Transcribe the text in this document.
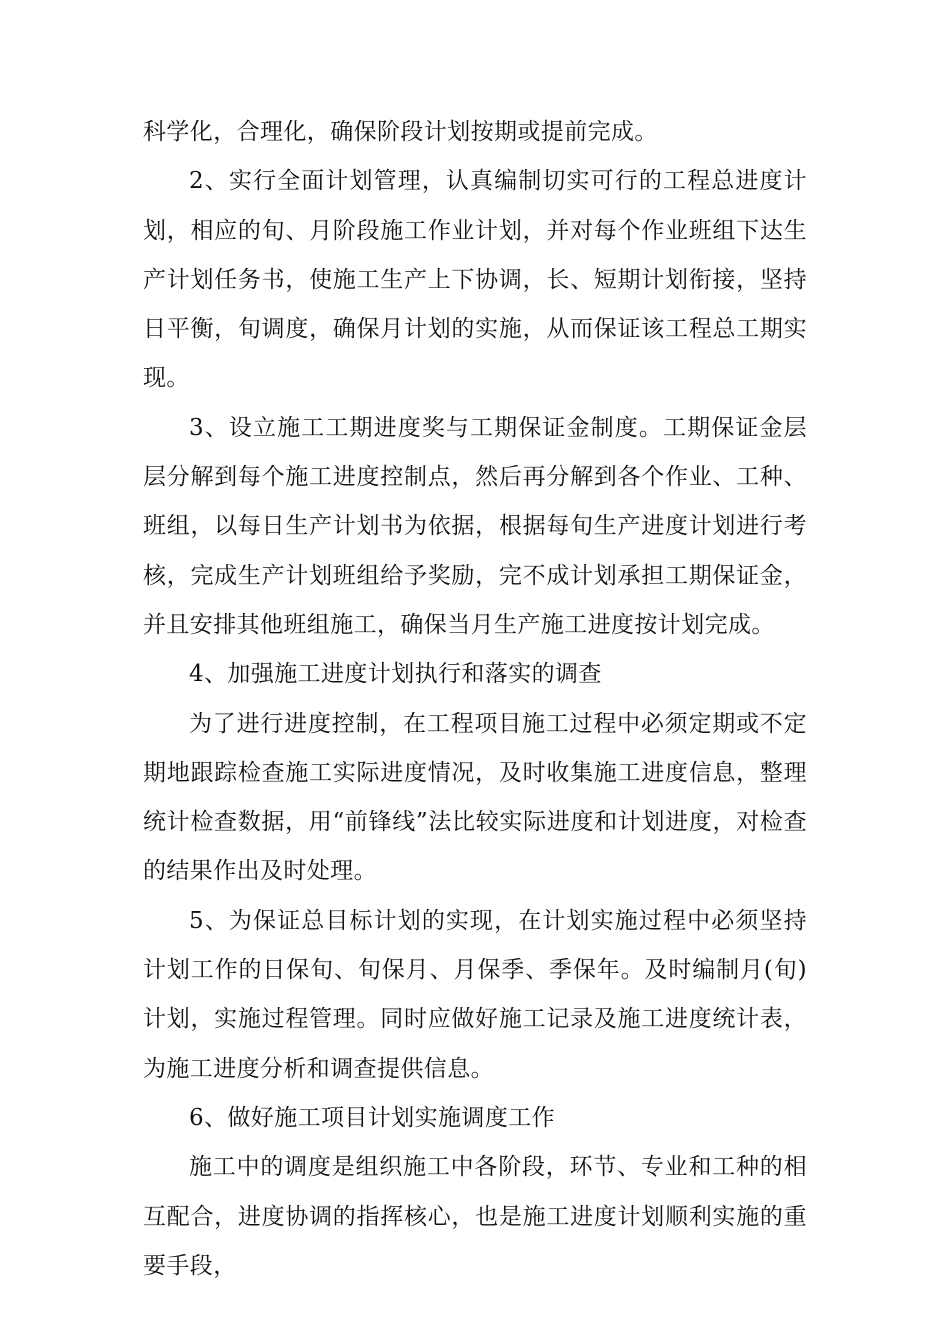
科学化，合理化，确保阶段计划按期或提前完成。

2、实行全面计划管理，认真编制切实可行的工程总进度计划，相应的旬、月阶段施工作业计划，并对每个作业班组下达生产计划任务书，使施工生产上下协调，长、短期计划衔接，坚持日平衡，旬调度，确保月计划的实施，从而保证该工程总工期实现。

3、设立施工工期进度奖与工期保证金制度。工期保证金层层分解到每个施工进度控制点，然后再分解到各个作业、工种、班组，以每日生产计划书为依据，根据每旬生产进度计划进行考核，完成生产计划班组给予奖励，完不成计划承担工期保证金，并且安排其他班组施工，确保当月生产施工进度按计划完成。

4、加强施工进度计划执行和落实的调查

为了进行进度控制，在工程项目施工过程中必须定期或不定期地跟踪检查施工实际进度情况，及时收集施工进度信息，整理统计检查数据，用“前锋线”法比较实际进度和计划进度，对检查的结果作出及时处理。

5、为保证总目标计划的实现，在计划实施过程中必须坚持计划工作的日保旬、旬保月、月保季、季保年。及时编制月(旬)计划，实施过程管理。同时应做好施工记录及施工进度统计表，为施工进度分析和调查提供信息。

6、做好施工项目计划实施调度工作

施工中的调度是组织施工中各阶段，环节、专业和工种的相互配合，进度协调的指挥核心，也是施工进度计划顺利实施的重要手段，
